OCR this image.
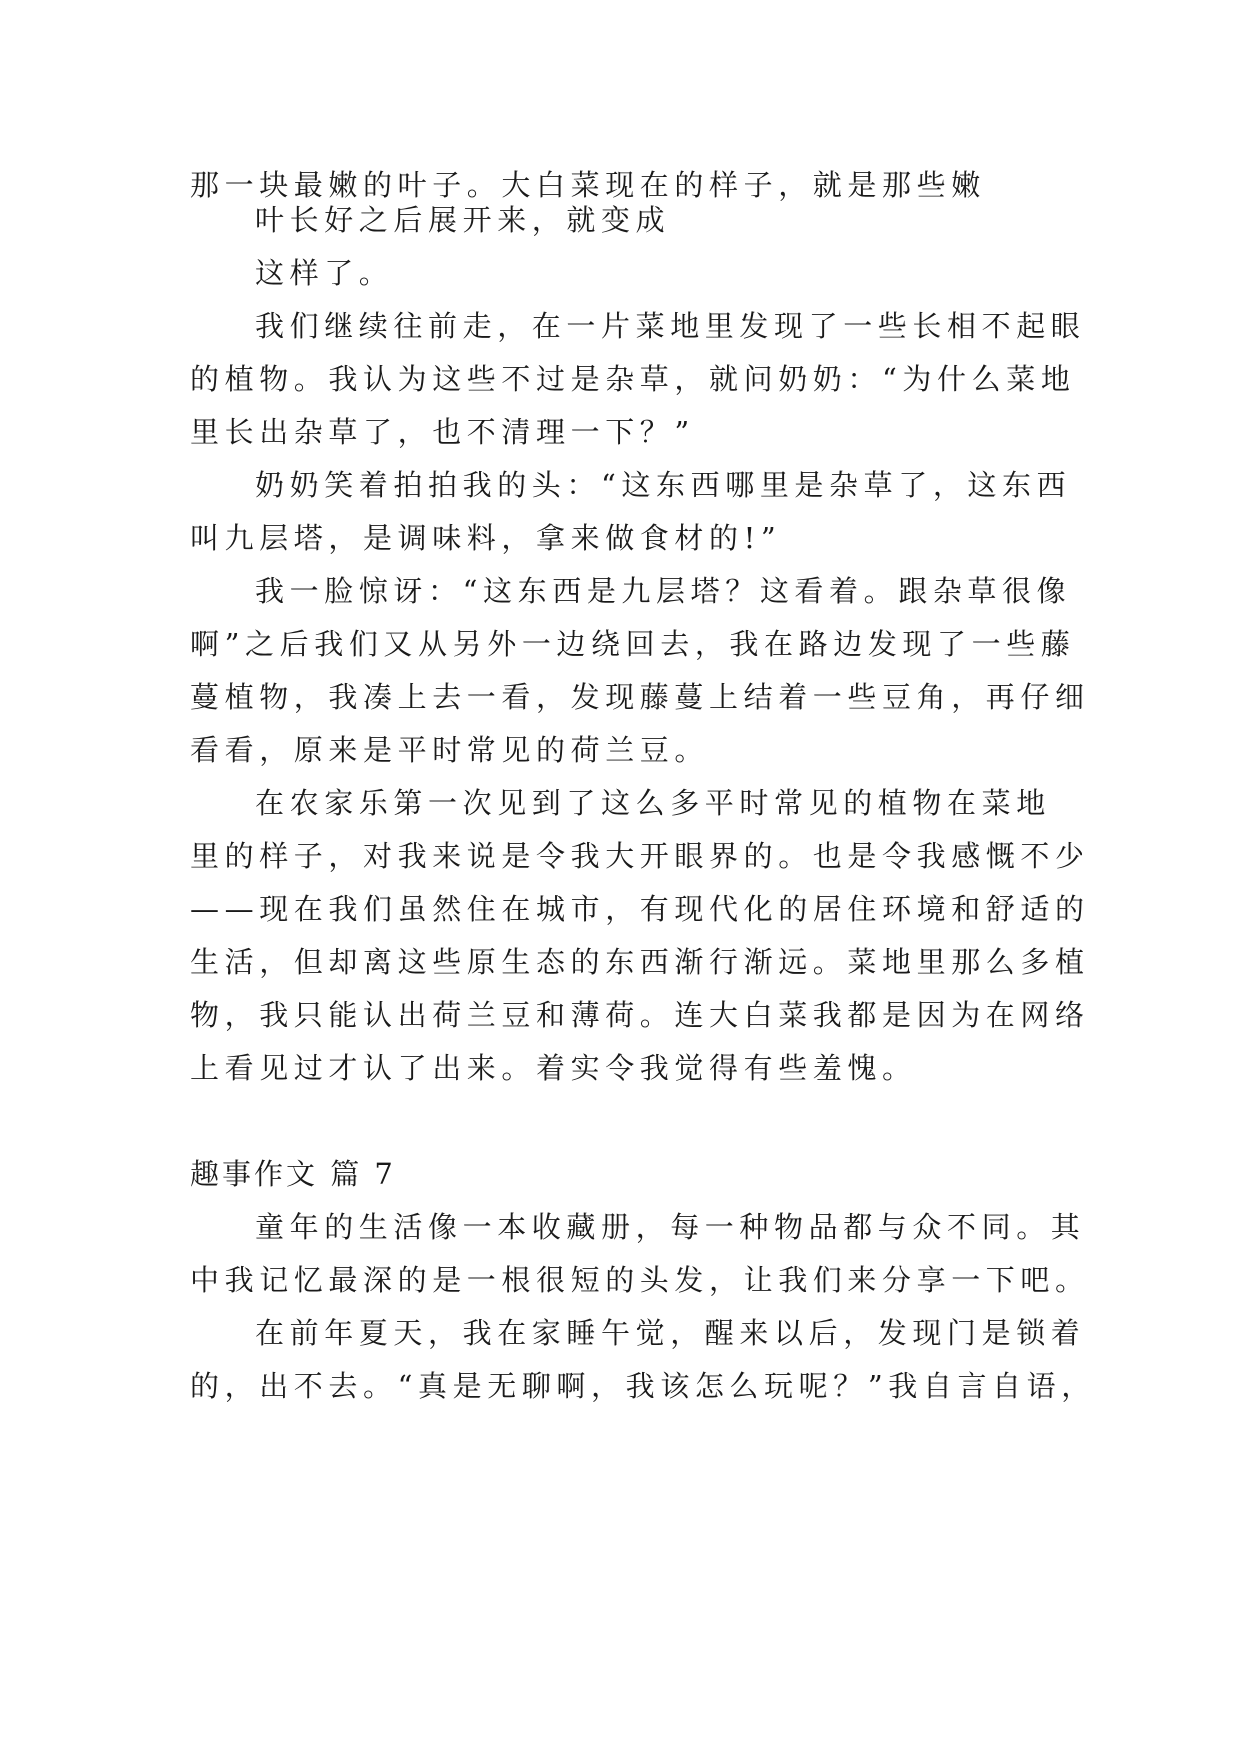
那一块最嫩的叶子。大白菜现在的样子，就是那些嫩
叶长好之后展开来，就变成
这样了。
我们继续往前走，在一片菜地里发现了一些长相不起眼
的植物。我认为这些不过是杂草，就问奶奶：“为什么菜地
里长出杂草了，也不清理一下？”
奶奶笑着拍拍我的头：“这东西哪里是杂草了，这东西
叫九层塔，是调味料，拿来做食材的!”
我一脸惊讶：“这东西是九层塔？这看着。跟杂草很像
啊”之后我们又从另外一边绕回去，我在路边发现了一些藤
蔓植物，我凑上去一看，发现藤蔓上结着一些豆角，再仔细
看看，原来是平时常见的荷兰豆。
在农家乐第一次见到了这么多平时常见的植物在菜地
里的样子，对我来说是令我大开眼界的。也是令我感慨不少
——现在我们虽然住在城市，有现代化的居住环境和舒适的
生活，但却离这些原生态的东西渐行渐远。菜地里那么多植
物，我只能认出荷兰豆和薄荷。连大白菜我都是因为在网络
上看见过才认了出来。着实令我觉得有些羞愧。
趣事作文 篇 7
童年的生活像一本收藏册，每一种物品都与众不同。其
中我记忆最深的是一根很短的头发，让我们来分享一下吧。
在前年夏天，我在家睡午觉，醒来以后，发现门是锁着
的，出不去。“真是无聊啊，我该怎么玩呢？”我自言自语，
